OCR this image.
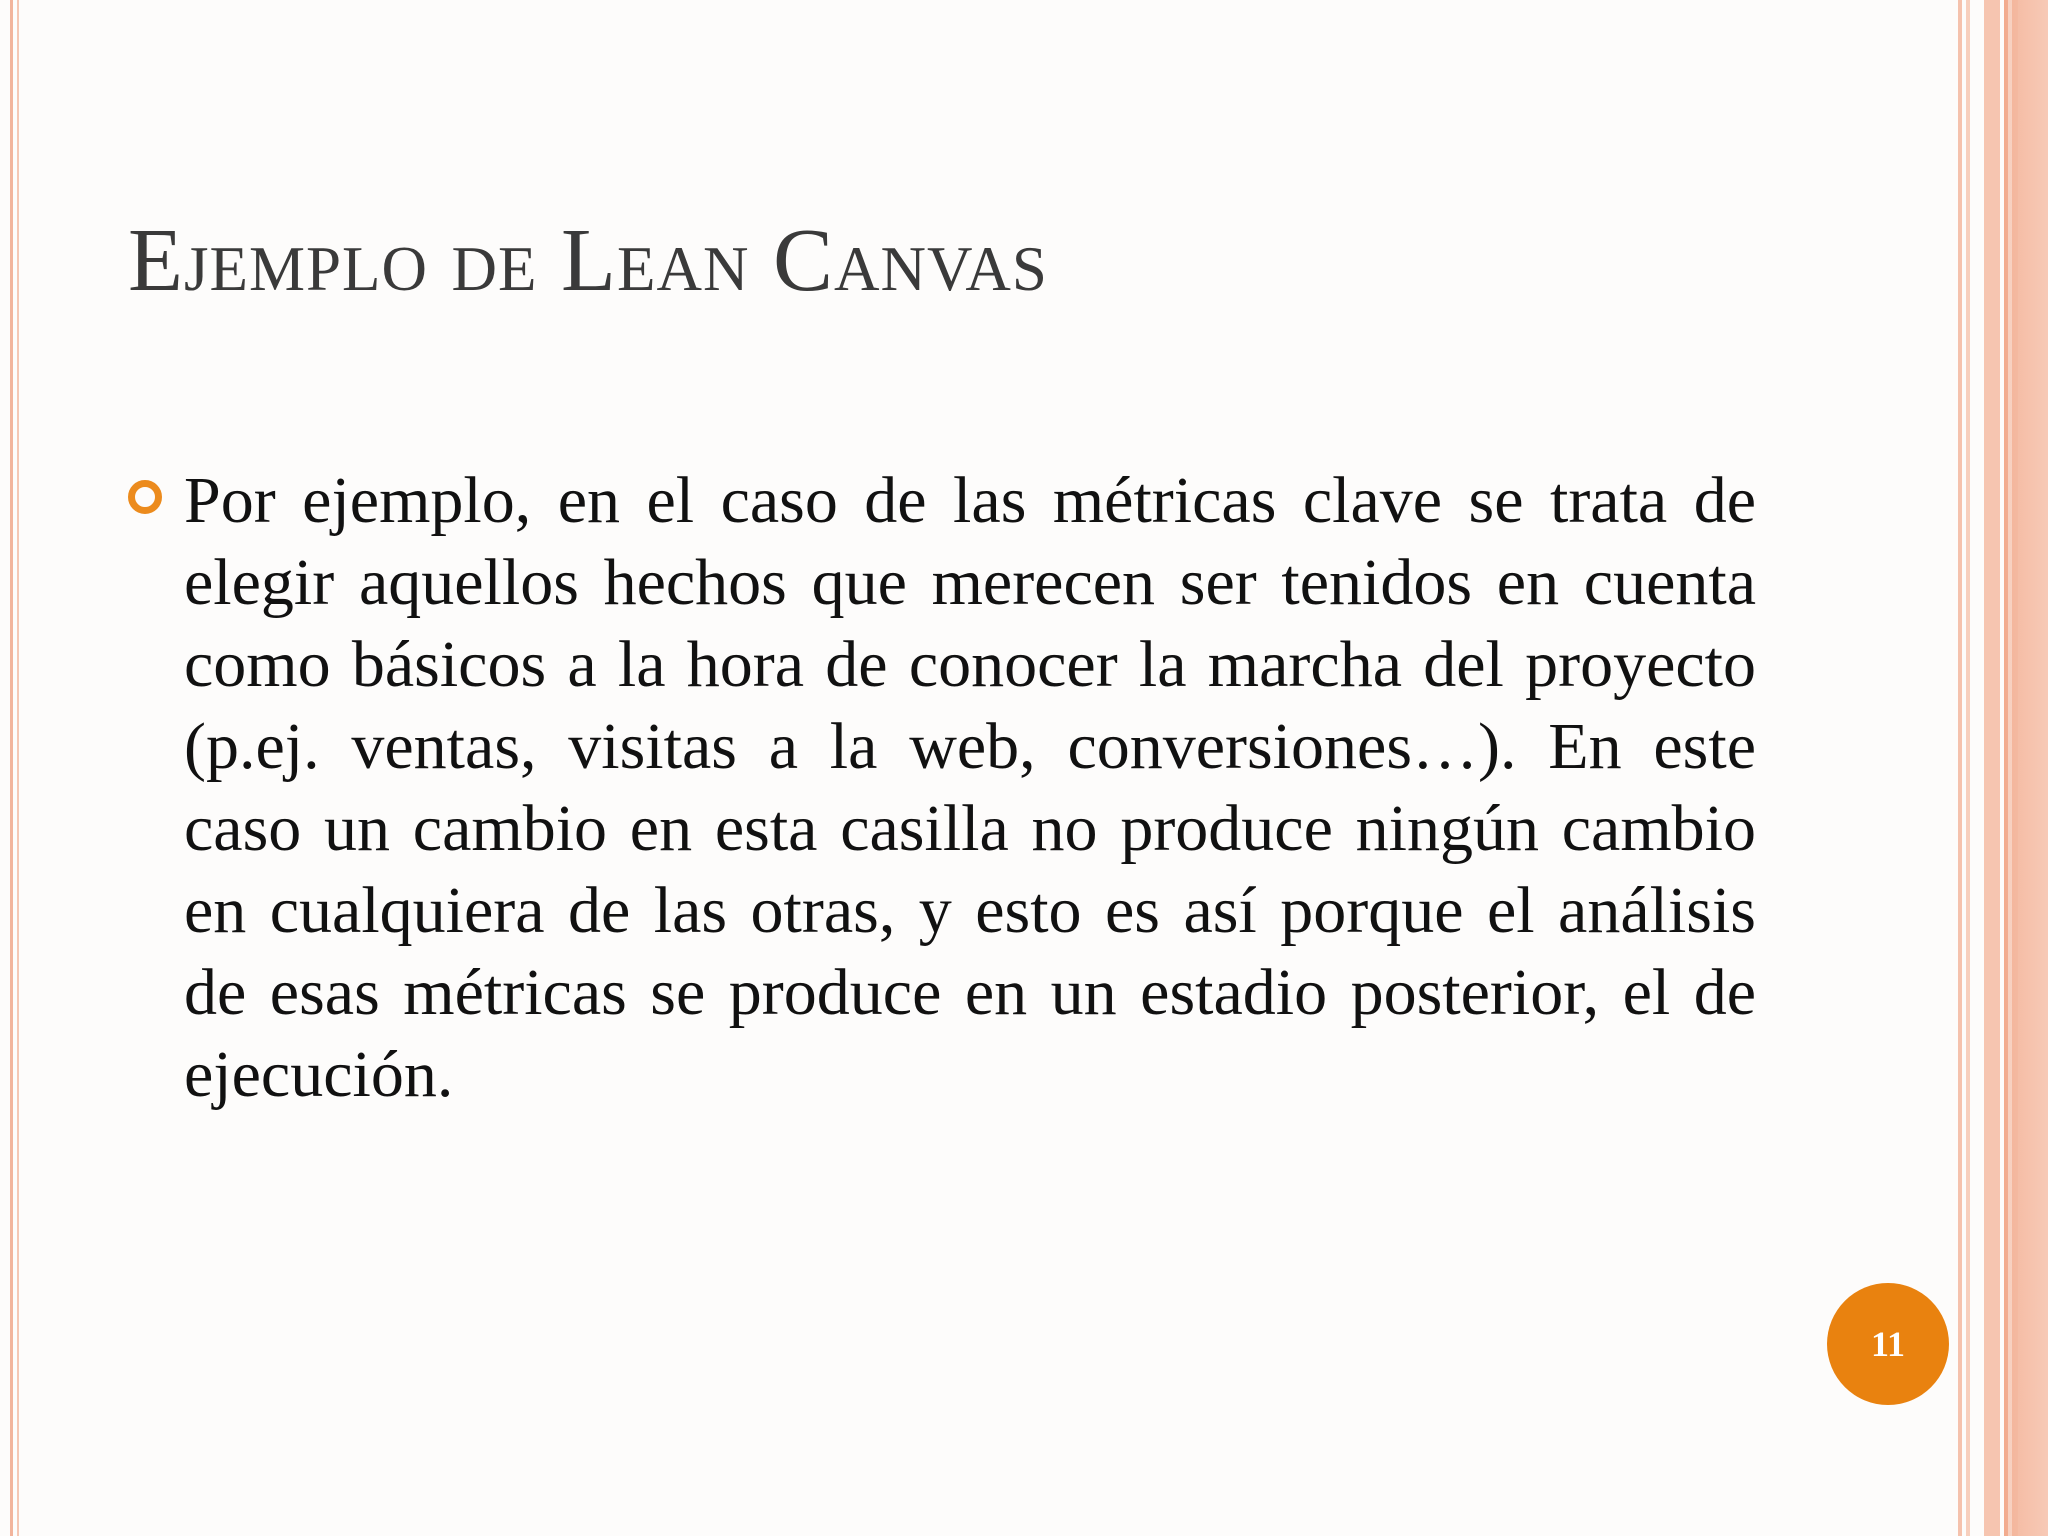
Ejemplo de Lean Canvas

Por ejemplo, en el caso de las métricas clave se trata de elegir aquellos hechos que merecen ser tenidos en cuenta como básicos a la hora de conocer la marcha del proyecto (p.ej. ventas, visitas a la web, conversiones…). En este caso un cambio en esta casilla no produce ningún cambio en cualquiera de las otras, y esto es así porque el análisis de esas métricas se produce en un estadio posterior, el de ejecución.

11
